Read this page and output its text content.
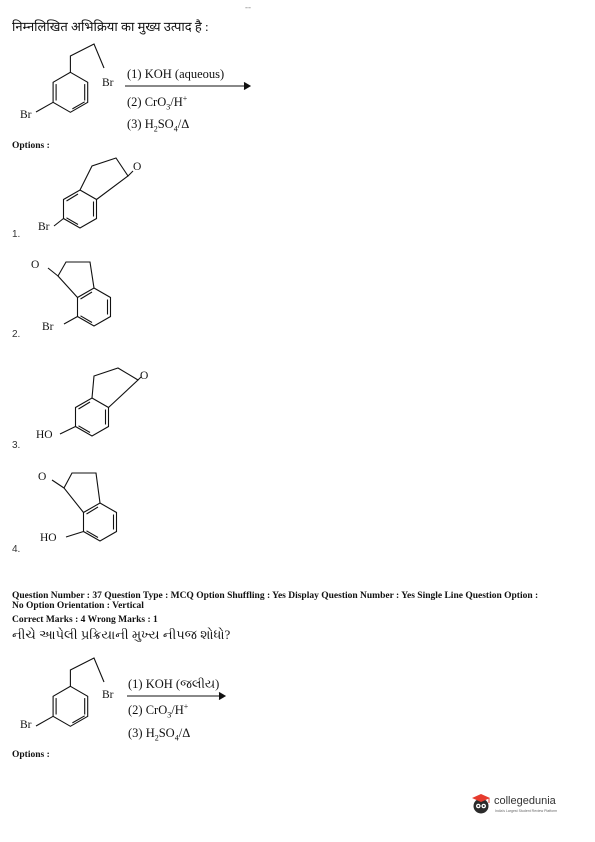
--
निम्नलिखित अभिक्रिया का मुख्य उत्पाद है :
Br
Br
(1) KOH (aqueous)
(2) CrO$_3$/H+
(3) $H_2SO_4/\Delta$
Options :
O
Br
1.
O
Br
2.
O
HO
3.
O
HO
4.
Question Number : 37 Question Type : MCQ Option Shuffling : Yes Display Question Number : Yes Single Line Question Option :
No Option Orientation : Vertical
Correct Marks : 4 Wrong Marks : 1
નીચે આપેલી પ્રક્રિયાની મુખ્ય નીપજ શોધો?
Br
Br
(1) KOH (જલીય)
(2) CrO$_3$/H+
(3) $H_2SO_4/\Delta$
Options :
collegedunia
India's Largest Student Review Platform
